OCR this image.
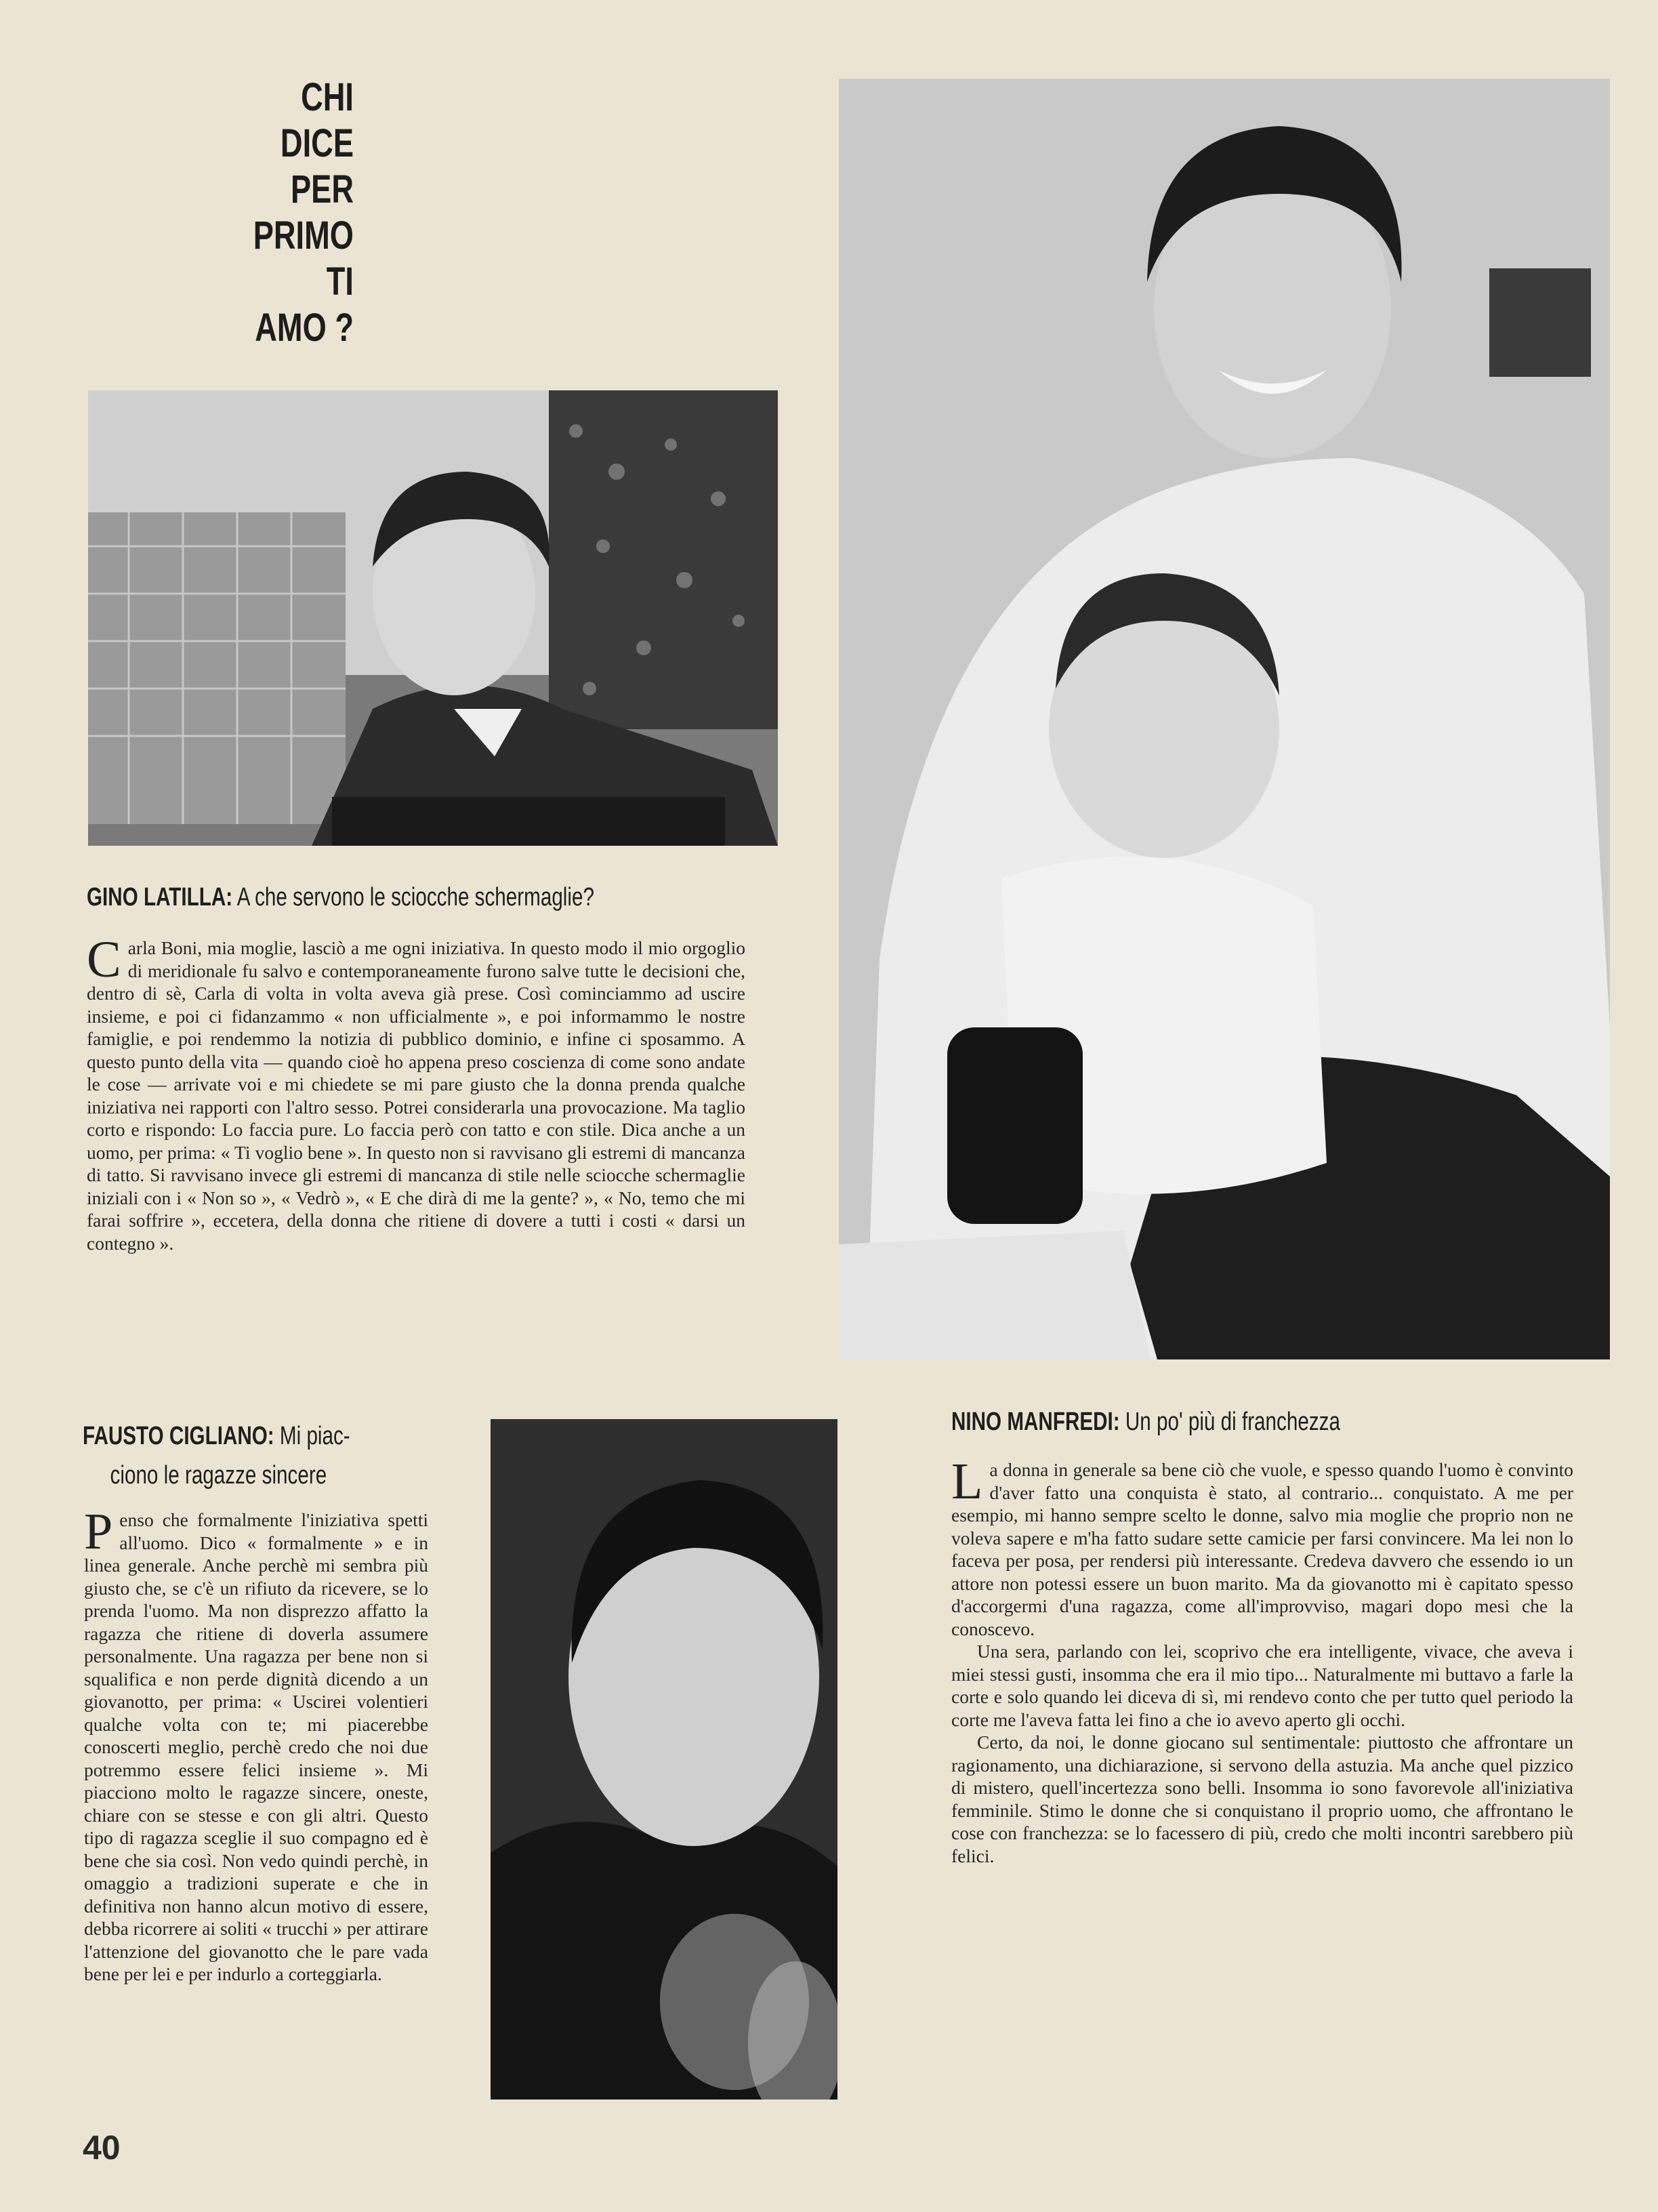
CHI
DICE
PER
PRIMO
TI
AMO ?
GINO LATILLA: A che servono le sciocche schermaglie?

Carla Boni, mia moglie, lasciò a me ogni iniziativa. In questo modo il mio orgoglio di meridionale fu salvo e contemporaneamente furono salve tutte le decisioni che, dentro di sè, Carla di volta in volta aveva già prese. Così cominciammo ad uscire insieme, e poi ci fidanzammo « non ufficialmente », e poi informammo le nostre famiglie, e poi rendemmo la notizia di pubblico dominio, e infine ci sposammo. A questo punto della vita — quando cioè ho appena preso coscienza di come sono andate le cose — arrivate voi e mi chiedete se mi pare giusto che la donna prenda qualche iniziativa nei rapporti con l'altro sesso. Potrei considerarla una provocazione. Ma taglio corto e rispondo: Lo faccia pure. Lo faccia però con tatto e con stile. Dica anche a un uomo, per prima: « Ti voglio bene ». In questo non si ravvisano gli estremi di mancanza di tatto. Si ravvisano invece gli estremi di mancanza di stile nelle sciocche schermaglie iniziali con i « Non so », « Vedrò », « E che dirà di me la gente? », « No, temo che mi farai soffrire », eccetera, della donna che ritiene di dovere a tutti i costi « darsi un contegno ».

FAUSTO CIGLIANO: Mi piac-
ciono le ragazze sincere

Penso che formalmente l'iniziativa spetti all'uomo. Dico « formalmente » e in linea generale. Anche perchè mi sembra più giusto che, se c'è un rifiuto da ricevere, se lo prenda l'uomo. Ma non disprezzo affatto la ragazza che ritiene di doverla assumere personalmente. Una ragazza per bene non si squalifica e non perde dignità dicendo a un giovanotto, per prima: « Uscirei volentieri qualche volta con te; mi piacerebbe conoscerti meglio, perchè credo che noi due potremmo essere felici insieme ». Mi piacciono molto le ragazze sincere, oneste, chiare con se stesse e con gli altri. Questo tipo di ragazza sceglie il suo compagno ed è bene che sia così. Non vedo quindi perchè, in omaggio a tradizioni superate e che in definitiva non hanno alcun motivo di essere, debba ricorrere ai soliti « trucchi » per attirare l'attenzione del giovanotto che le pare vada bene per lei e per indurlo a corteggiarla.

NINO MANFREDI: Un po' più di franchezza

La donna in generale sa bene ciò che vuole, e spesso quando l'uomo è convinto d'aver fatto una conquista è stato, al contrario... conquistato. A me per esempio, mi hanno sempre scelto le donne, salvo mia moglie che proprio non ne voleva sapere e m'ha fatto sudare sette camicie per farsi convincere. Ma lei non lo faceva per posa, per rendersi più interessante. Credeva davvero che essendo io un attore non potessi essere un buon marito. Ma da giovanotto mi è capitato spesso d'accorgermi d'una ragazza, come all'improvviso, magari dopo mesi che la conoscevo.

Una sera, parlando con lei, scoprivo che era intelligente, vivace, che aveva i miei stessi gusti, insomma che era il mio tipo... Naturalmente mi buttavo a farle la corte e solo quando lei diceva di sì, mi rendevo conto che per tutto quel periodo la corte me l'aveva fatta lei fino a che io avevo aperto gli occhi.

Certo, da noi, le donne giocano sul sentimentale: piuttosto che affrontare un ragionamento, una dichiarazione, si servono della astuzia. Ma anche quel pizzico di mistero, quell'incertezza sono belli. Insomma io sono favorevole all'iniziativa femminile. Stimo le donne che si conquistano il proprio uomo, che affrontano le cose con franchezza: se lo facessero di più, credo che molti incontri sarebbero più felici.

40
